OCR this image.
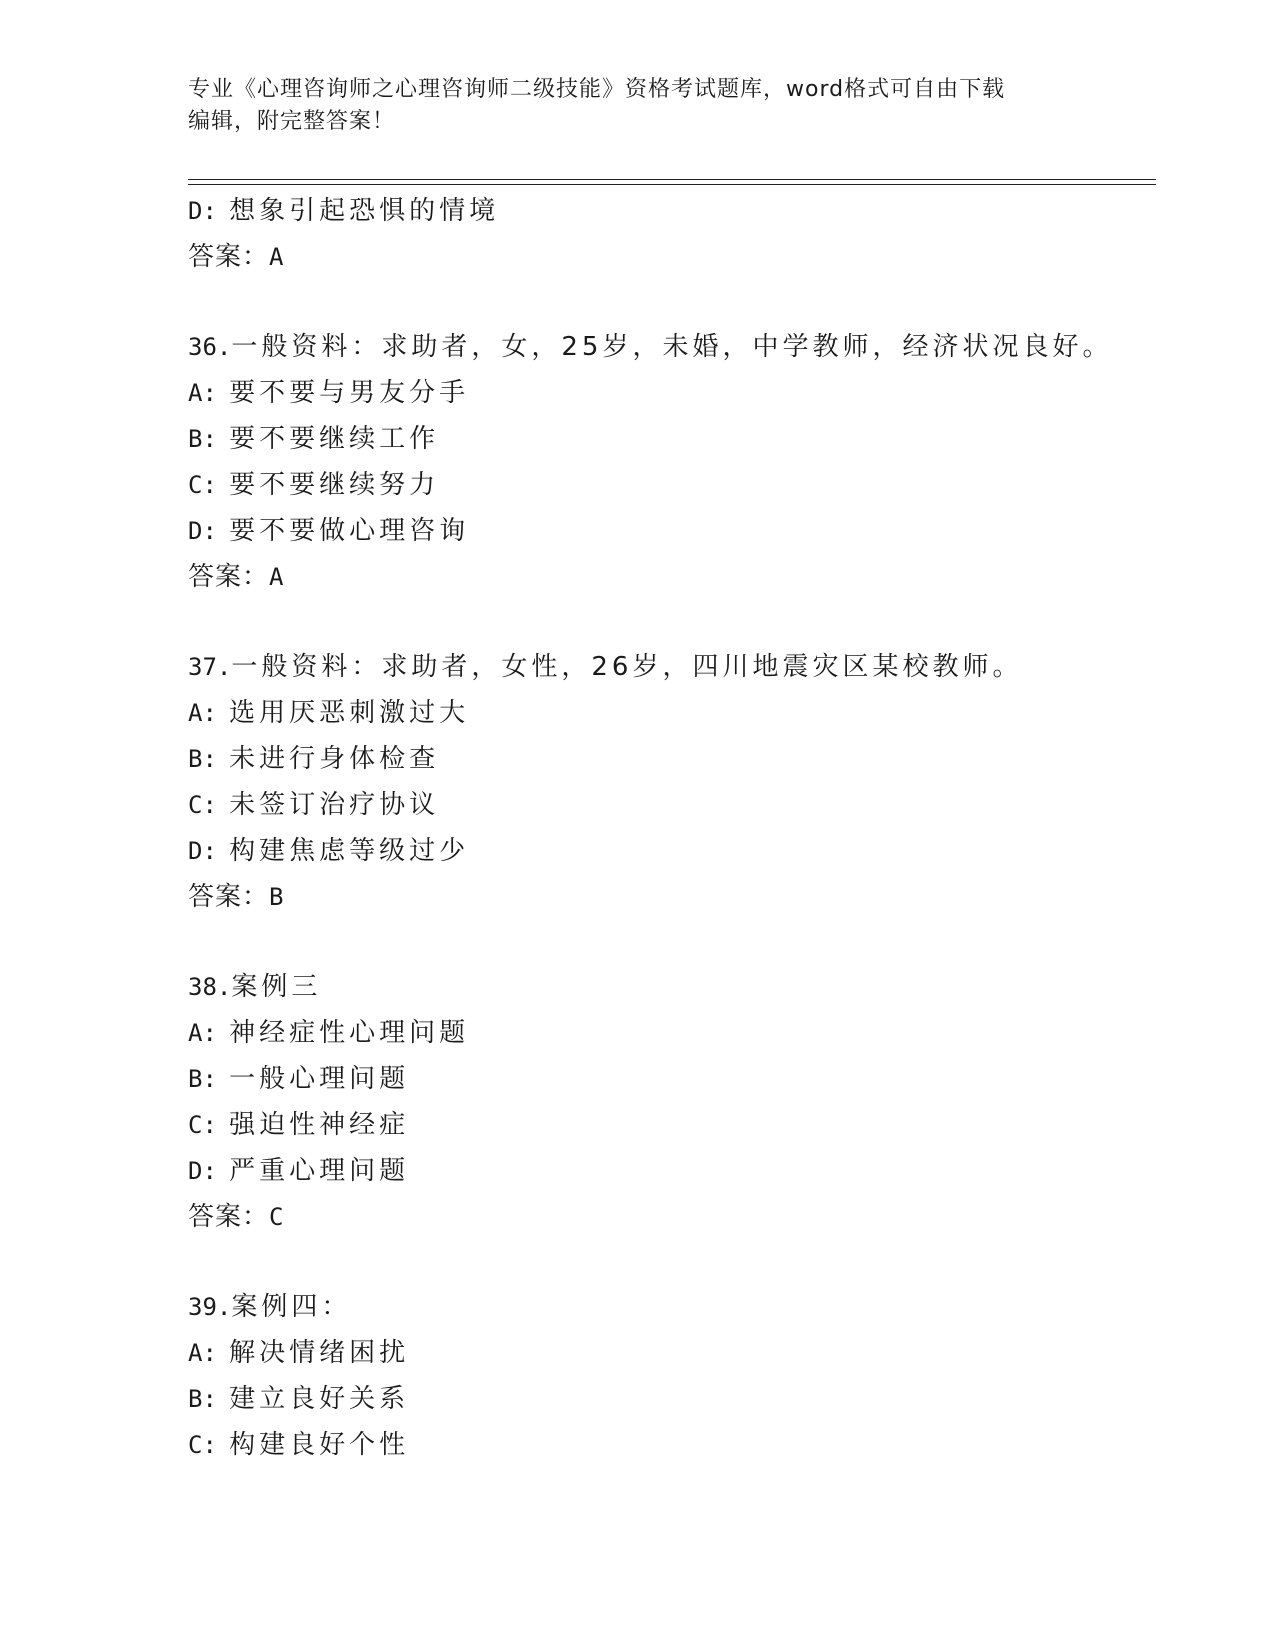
专业《心理咨询师之心理咨询师二级技能》资格考试题库，word格式可自由下载
编辑，附完整答案！
D: 想象引起恐惧的情境
答案：A
36.一般资料：求助者，女，25岁，未婚，中学教师，经济状况良好。
A: 要不要与男友分手
B: 要不要继续工作
C: 要不要继续努力
D: 要不要做心理咨询
答案：A
37.一般资料：求助者，女性，26岁，四川地震灾区某校教师。
A: 选用厌恶刺激过大
B: 未进行身体检查
C: 未签订治疗协议
D: 构建焦虑等级过少
答案：B
38.案例三
A: 神经症性心理问题
B: 一般心理问题
C: 强迫性神经症
D: 严重心理问题
答案：C
39.案例四：
A: 解决情绪困扰
B: 建立良好关系
C: 构建良好个性
